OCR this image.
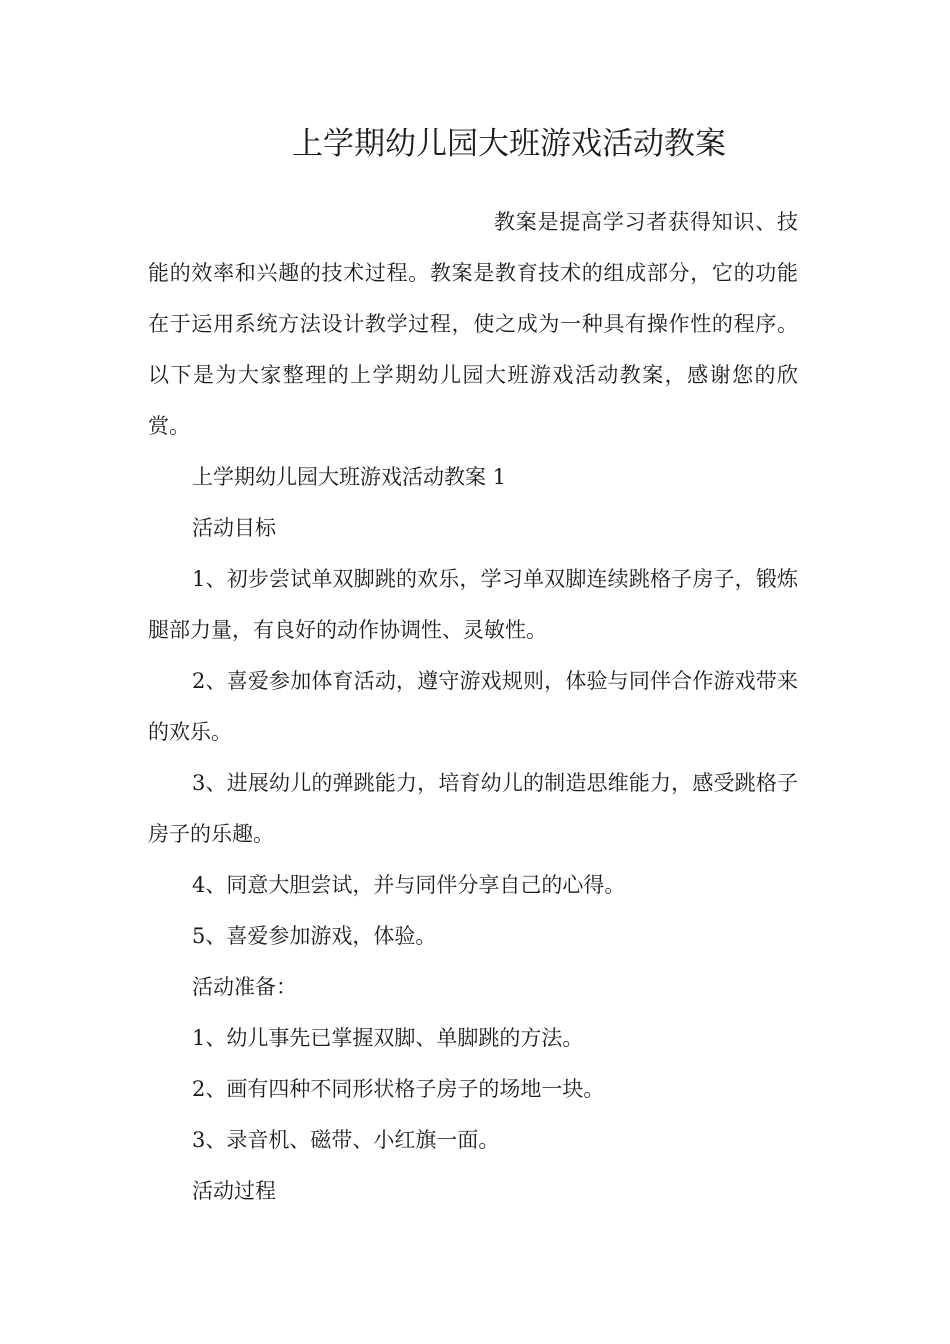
上学期幼儿园大班游戏活动教案

教案是提高学习者获得知识、技能的效率和兴趣的技术过程。教案是教育技术的组成部分，它的功能在于运用系统方法设计教学过程，使之成为一种具有操作性的程序。以下是为大家整理的上学期幼儿园大班游戏活动教案，感谢您的欣赏。

上学期幼儿园大班游戏活动教案 1

活动目标

1、初步尝试单双脚跳的欢乐，学习单双脚连续跳格子房子，锻炼腿部力量，有良好的动作协调性、灵敏性。

2、喜爱参加体育活动，遵守游戏规则，体验与同伴合作游戏带来的欢乐。

3、进展幼儿的弹跳能力，培育幼儿的制造思维能力，感受跳格子房子的乐趣。

4、同意大胆尝试，并与同伴分享自己的心得。

5、喜爱参加游戏，体验。

活动准备：

1、幼儿事先已掌握双脚、单脚跳的方法。

2、画有四种不同形状格子房子的场地一块。

3、录音机、磁带、小红旗一面。

活动过程
